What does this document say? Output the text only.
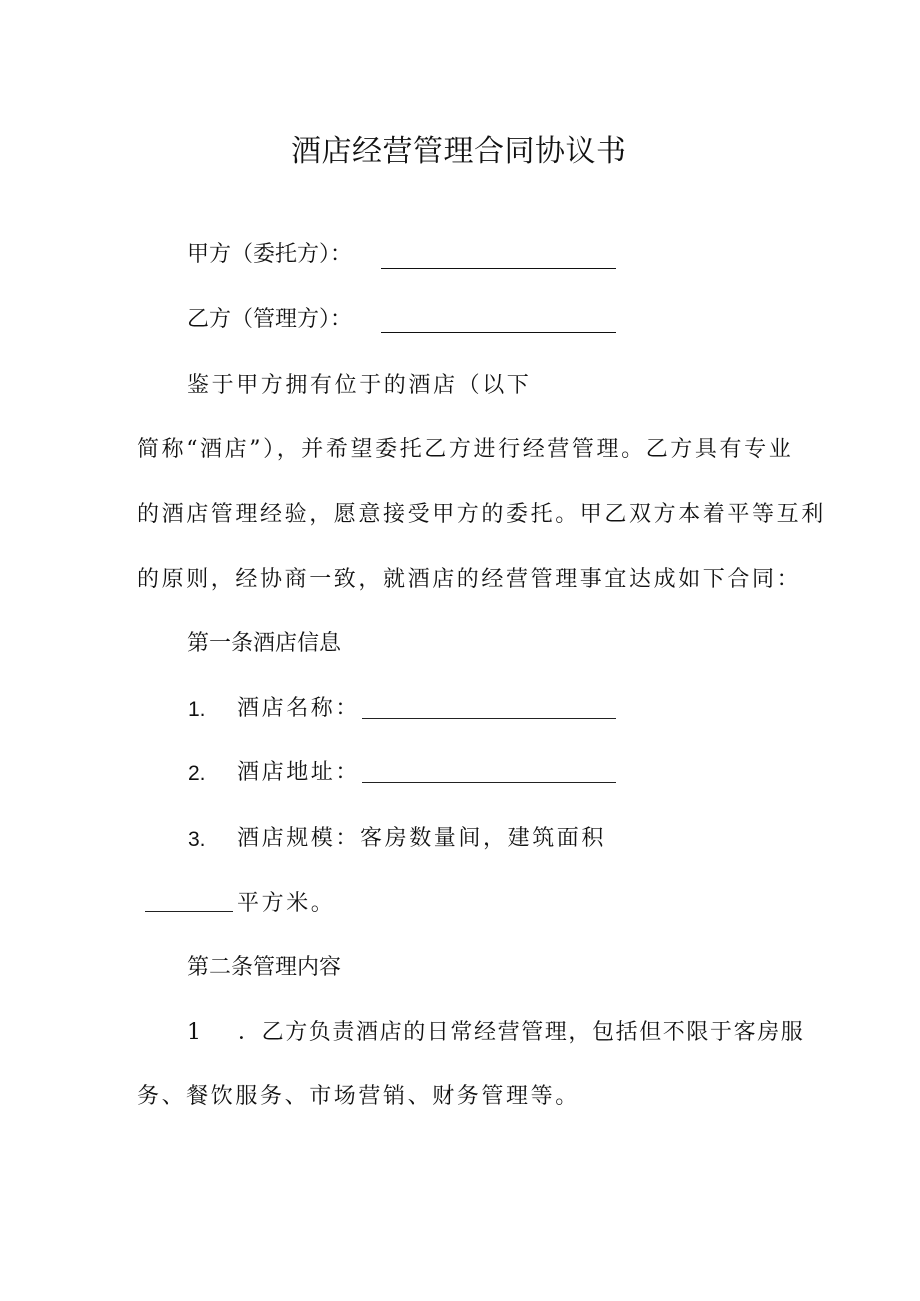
酒店经营管理合同协议书
甲方（委托方）：
乙方（管理方）：
鉴于甲方拥有位于的酒店（以下
简称“酒店”），并希望委托乙方进行经营管理。乙方具有专业
的酒店管理经验，愿意接受甲方的委托。甲乙双方本着平等互利
的原则，经协商一致，就酒店的经营管理事宜达成如下合同：
第一条酒店信息
1. 酒店名称：
2. 酒店地址：
3. 酒店规模：客房数量间，建筑面积
平方米。
第二条管理内容
1 ．乙方负责酒店的日常经营管理，包括但不限于客房服
务、餐饮服务、市场营销、财务管理等。
